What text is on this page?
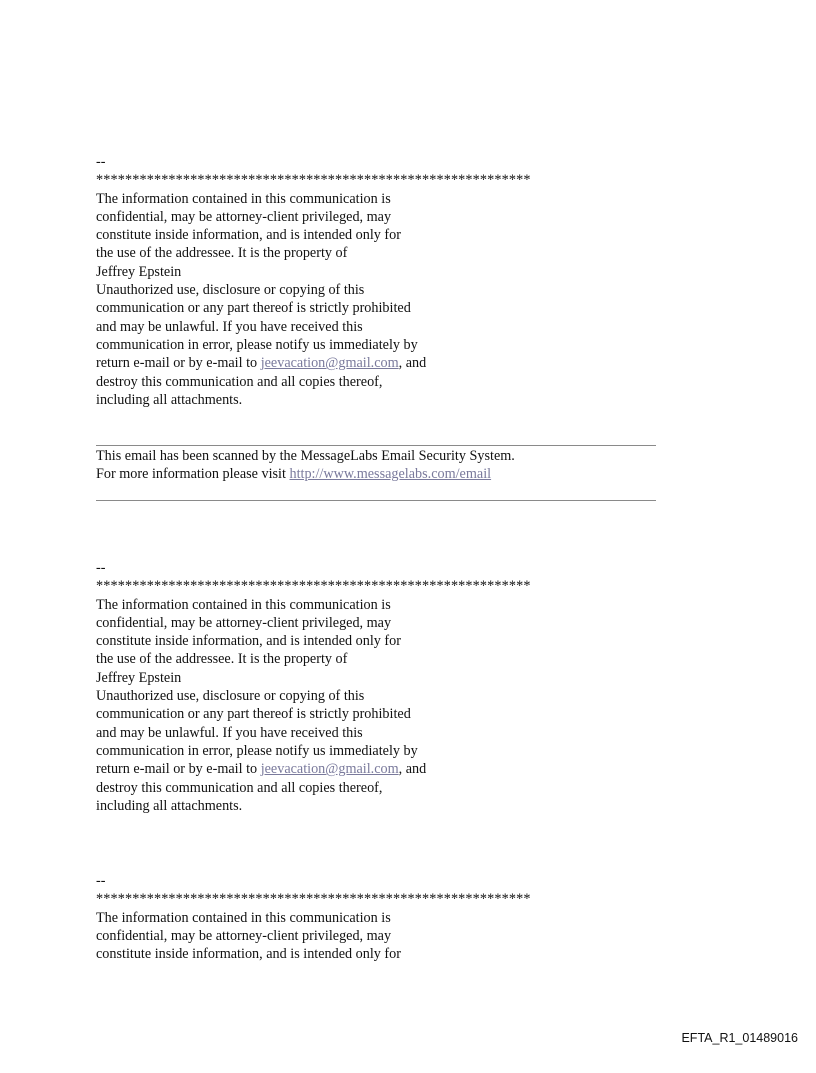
--
************************************************************
The information contained in this communication is
confidential, may be attorney-client privileged, may
constitute inside information, and is intended only for
the use of the addressee. It is the property of
Jeffrey Epstein
Unauthorized use, disclosure or copying of this
communication or any part thereof is strictly prohibited
and may be unlawful. If you have received this
communication in error, please notify us immediately by
return e-mail or by e-mail to jeevacation@gmail.com, and
destroy this communication and all copies thereof,
including all attachments.
This email has been scanned by the MessageLabs Email Security System.
For more information please visit http://www.messagelabs.com/email
--
************************************************************
The information contained in this communication is
confidential, may be attorney-client privileged, may
constitute inside information, and is intended only for
the use of the addressee. It is the property of
Jeffrey Epstein
Unauthorized use, disclosure or copying of this
communication or any part thereof is strictly prohibited
and may be unlawful. If you have received this
communication in error, please notify us immediately by
return e-mail or by e-mail to jeevacation@gmail.com, and
destroy this communication and all copies thereof,
including all attachments.
--
************************************************************
The information contained in this communication is
confidential, may be attorney-client privileged, may
constitute inside information, and is intended only for
EFTA_R1_01489016
